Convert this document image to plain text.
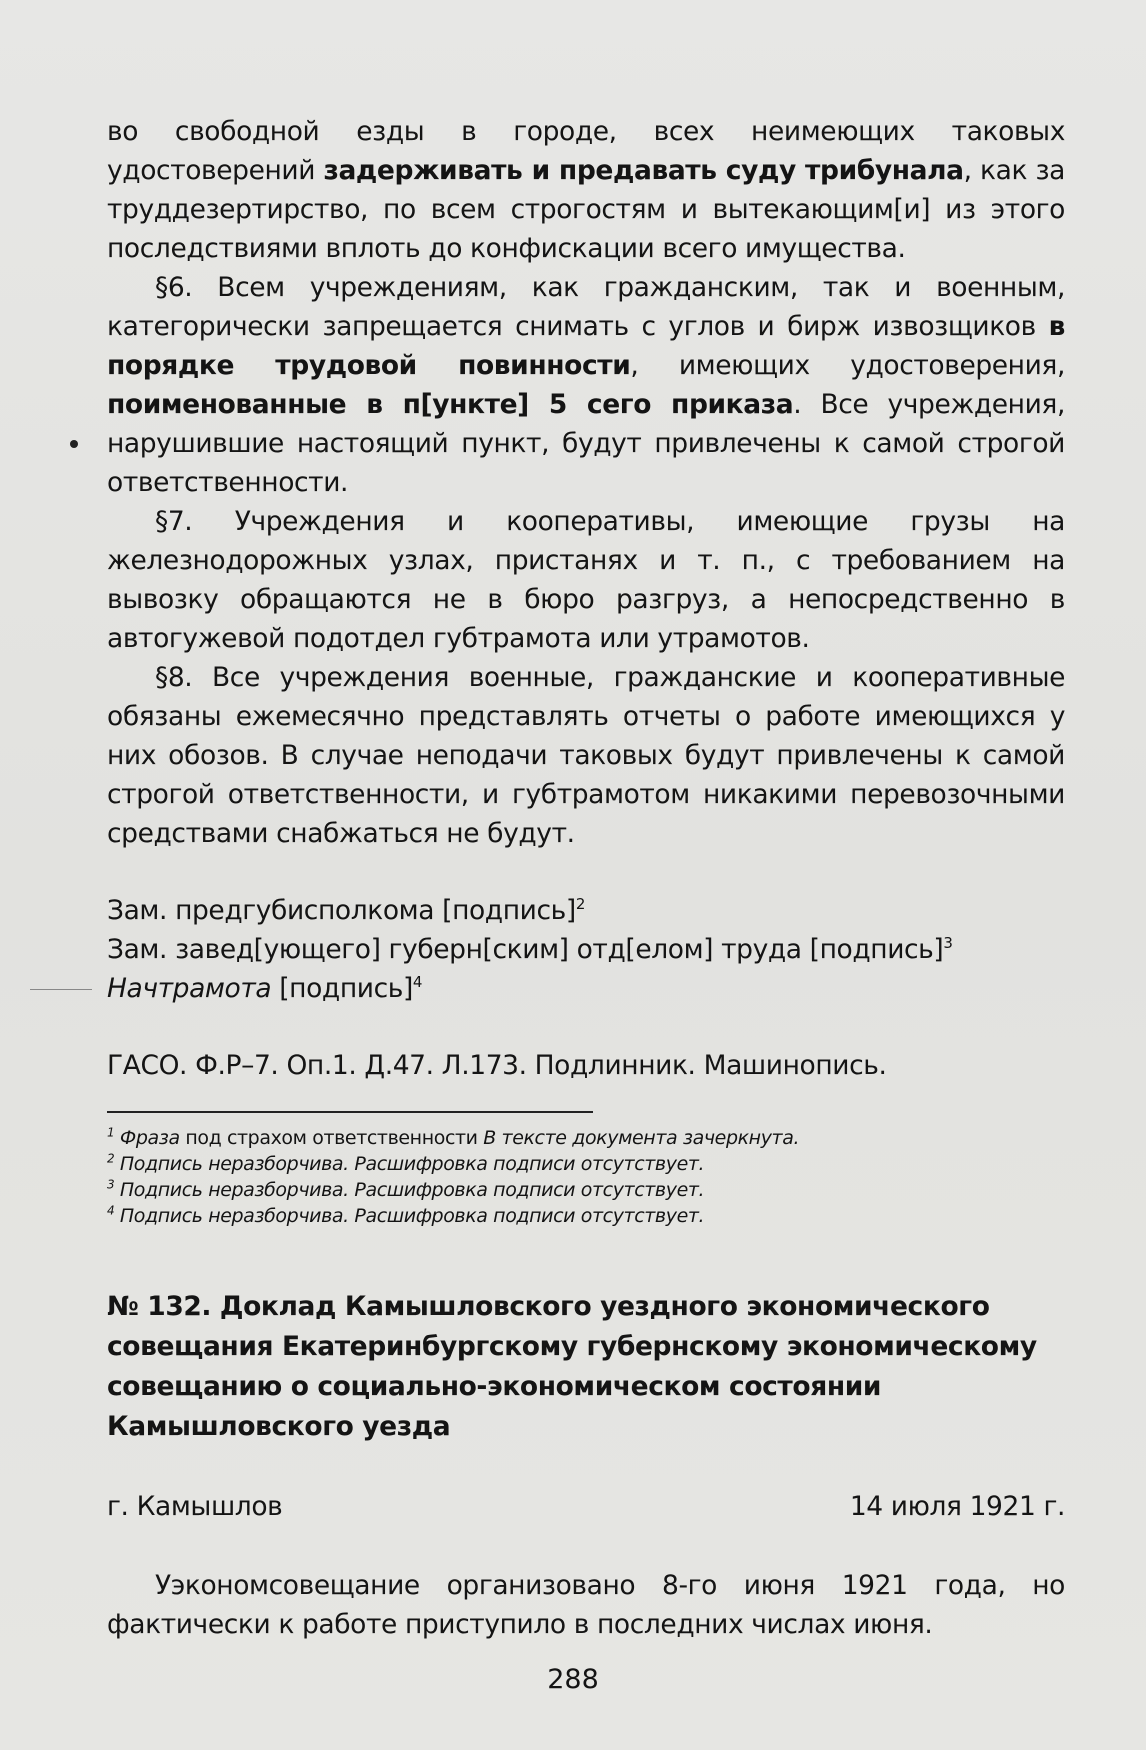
во свободной езды в городе, всех неимеющих таковых удостоверений задерживать и предавать суду трибунала, как за труддезертирство, по всем строгостям и вытекающим[и] из этого последствиями вплоть до конфискации всего имущества.

§6. Всем учреждениям, как гражданским, так и военным, категорически запрещается снимать с углов и бирж извозщиков в порядке трудовой повинности, имеющих удостоверения, поименованные в п[ункте] 5 сего приказа. Все учреждения, нарушившие настоящий пункт, будут привлечены к самой строгой ответственности.

§7. Учреждения и кооперативы, имеющие грузы на железнодорожных узлах, пристанях и т. п., с требованием на вывозку обращаются не в бюро разгруз, а непосредственно в автогужевой подотдел губтрамота или утрамотов.

§8. Все учреждения военные, гражданские и кооперативные обязаны ежемесячно представлять отчеты о работе имеющихся у них обозов. В случае неподачи таковых будут привлечены к самой строгой ответственности, и губтрамотом никакими перевозочными средствами снабжаться не будут.

Зам. предгубисполкома [подпись]$^2$

Зам. завед[ующего] губерн[ским] отд[елом] труда [подпись]$^3$

Начтрамота [подпись]$^4$

ГАСО. Ф.Р–7. Оп.1. Д.47. Л.173. Подлинник. Машинопись.

$^1$ Фраза под страхом ответственности В тексте документа зачеркнута.
$^2$ Подпись неразборчива. Расшифровка подписи отсутствует.
$^3$ Подпись неразборчива. Расшифровка подписи отсутствует.
$^4$ Подпись неразборчива. Расшифровка подписи отсутствует.
№ 132. Доклад Камышловского уездного экономического совещания Екатеринбургскому губернскому экономическому совещанию о социально-экономическом состоянии Камышловского уезда
г. Камышлов	14 июля 1921 г.

Уэкономсовещание организовано 8-го июня 1921 года, но фактически к работе приступило в последних числах июня.

288
